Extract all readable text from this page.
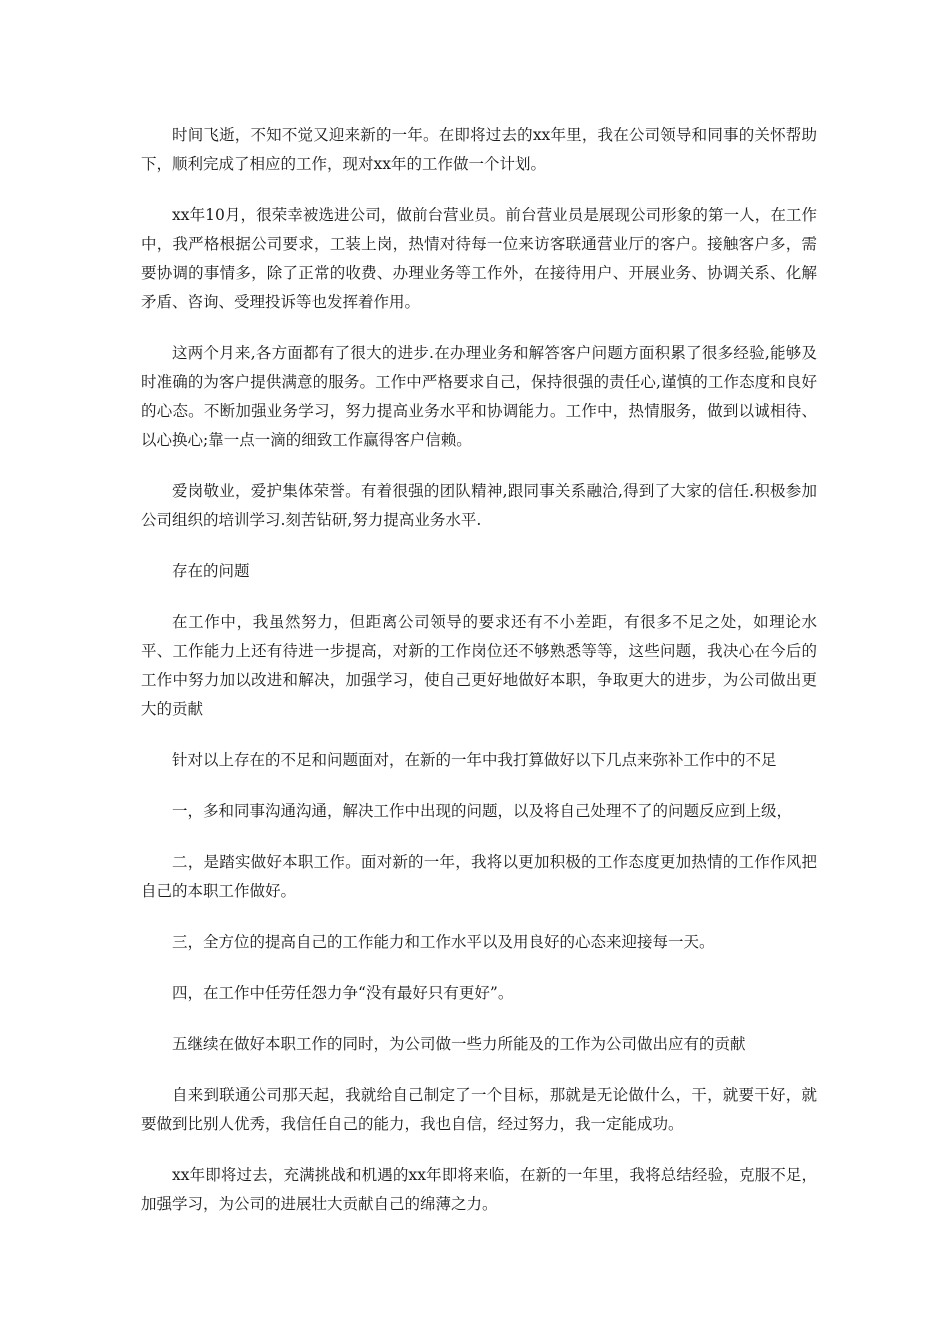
时间飞逝，不知不觉又迎来新的一年。在即将过去的xx年里，我在公司领导和同事的关怀帮助下，顺利完成了相应的工作，现对xx年的工作做一个计划。

xx年10月，很荣幸被选进公司，做前台营业员。前台营业员是展现公司形象的第一人，在工作中，我严格根据公司要求，工装上岗，热情对待每一位来访客联通营业厅的客户。接触客户多，需要协调的事情多，除了正常的收费、办理业务等工作外，在接待用户、开展业务、协调关系、化解矛盾、咨询、受理投诉等也发挥着作用。

这两个月来,各方面都有了很大的进步.在办理业务和解答客户问题方面积累了很多经验,能够及时准确的为客户提供满意的服务。工作中严格要求自己，保持很强的责任心,谨慎的工作态度和良好的心态。不断加强业务学习，努力提高业务水平和协调能力。工作中，热情服务，做到以诚相待、以心换心;靠一点一滴的细致工作赢得客户信赖。

爱岗敬业，爱护集体荣誉。有着很强的团队精神,跟同事关系融洽,得到了大家的信任.积极参加公司组织的培训学习.刻苦钻研,努力提高业务水平.

存在的问题

在工作中，我虽然努力，但距离公司领导的要求还有不小差距，有很多不足之处，如理论水平、工作能力上还有待进一步提高，对新的工作岗位还不够熟悉等等，这些问题，我决心在今后的工作中努力加以改进和解决，加强学习，使自己更好地做好本职，争取更大的进步，为公司做出更大的贡献

针对以上存在的不足和问题面对，在新的一年中我打算做好以下几点来弥补工作中的不足

一，多和同事沟通沟通，解决工作中出现的问题，以及将自己处理不了的问题反应到上级，

二，是踏实做好本职工作。面对新的一年，我将以更加积极的工作态度更加热情的工作作风把自己的本职工作做好。

三，全方位的提高自己的工作能力和工作水平以及用良好的心态来迎接每一天。

四，在工作中任劳任怨力争“没有最好只有更好”。

五继续在做好本职工作的同时，为公司做一些力所能及的工作为公司做出应有的贡献

自来到联通公司那天起，我就给自己制定了一个目标，那就是无论做什么，干，就要干好，就要做到比别人优秀，我信任自己的能力，我也自信，经过努力，我一定能成功。

xx年即将过去，充满挑战和机遇的xx年即将来临，在新的一年里，我将总结经验，克服不足，加强学习，为公司的进展壮大贡献自己的绵薄之力。
